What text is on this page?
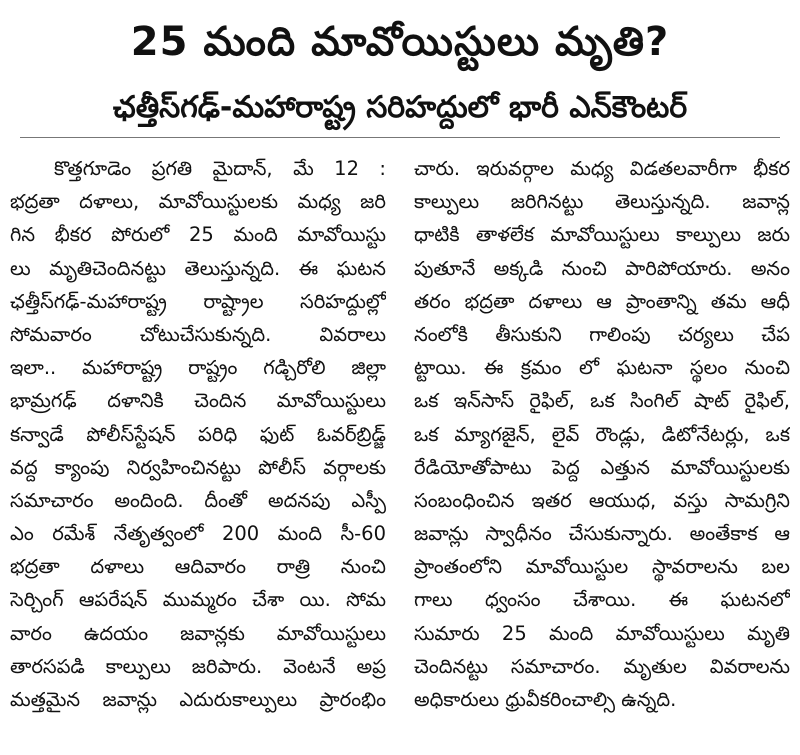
25 మంది మావోయిస్టులు మృతి?
ఛత్తీస్‌గఢ్‌-మహారాష్ట్ర సరిహద్దులో భారీ ఎన్‌కౌంటర్‌
కొత్తగూడెం ప్రగతి మైదాన్‌, మే 12 :
భద్రతా దళాలు, మావోయిస్టులకు మధ్య జరి
గిన భీకర పోరులో 25 మంది మావోయిస్టు
లు మృతిచెందినట్టు తెలుస్తున్నది. ఈ ఘటన
ఛత్తీస్‌గఢ్‌-మహారాష్ట్ర రాష్ట్రాల సరిహద్దుల్లో
సోమవారం చోటుచేసుకున్నది. వివరాలు
ఇలా.. మహారాష్ట్ర రాష్ట్రం గడ్చిరోలి జిల్లా
భామ్రగఢ్‌ దళానికి చెందిన మావోయిస్టులు
కన్వాడే పోలీస్‌స్టేషన్‌ పరిధి ఫుట్‌ ఓవర్‌బ్రిడ్జ్‌
వద్ద క్యాంపు నిర్వహించినట్టు పోలీస్‌ వర్గాలకు
సమాచారం అందింది. దీంతో అదనపు ఎస్పీ
ఎం రమేశ్‌ నేతృత్వంలో 200 మంది సీ-60
భద్రతా దళాలు ఆదివారం రాత్రి నుంచి
సెర్చింగ్‌ ఆపరేషన్‌ ముమ్మరం చేశా యి. సోమ
వారం ఉదయం జవాన్లకు మావోయిస్టులు
తారసపడి కాల్పులు జరిపారు. వెంటనే అప్ర
మత్తమైన జవాన్లు ఎదురుకాల్పులు ప్రారంభిం
చారు. ఇరువర్గాల మధ్య విడతలవారీగా భీకర
కాల్పులు జరిగినట్టు తెలుస్తున్నది. జవాన్ల
ధాటికి తాళలేక మావోయిస్టులు కాల్పులు జరు
పుతూనే అక్కడి నుంచి పారిపోయారు. అనం
తరం భద్రతా దళాలు ఆ ప్రాంతాన్ని తమ ఆధీ
నంలోకి తీసుకుని గాలింపు చర్యలు చేప
ట్టాయి. ఈ క్రమం లో ఘటనా స్థలం నుంచి
ఒక ఇన్‌సాస్‌ రైఫిల్‌, ఒక సింగిల్‌ షాట్‌ రైఫిల్‌,
ఒక మ్యాగజైన్‌, లైవ్‌ రౌండ్లు, డిటోనేటర్లు, ఒక
రేడియోతోపాటు పెద్ద ఎత్తున మావోయిస్టులకు
సంబంధించిన ఇతర ఆయుధ, వస్తు సామగ్రిని
జవాన్లు స్వాధీనం చేసుకున్నారు. అంతేకాక ఆ
ప్రాంతంలోని మావోయిస్టుల స్థావరాలను బల
గాలు ధ్వంసం చేశాయి. ఈ ఘటనలో
సుమారు 25 మంది మావోయిస్టులు మృతి
చెందినట్టు సమాచారం. మృతుల వివరాలను
అధికారులు ధ్రువీకరించాల్సి ఉన్నది.
